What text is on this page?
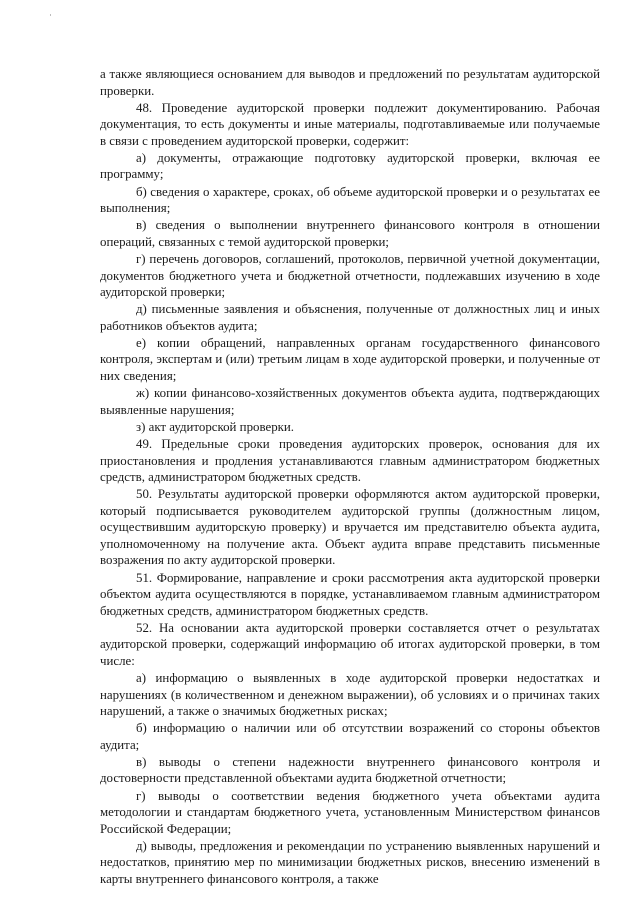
а также являющиеся основанием для выводов и предложений по результатам аудиторской проверки.

48. Проведение аудиторской проверки подлежит документированию. Рабочая документация, то есть документы и иные материалы, подготавливаемые или получаемые в связи с проведением аудиторской проверки, содержит:

а) документы, отражающие подготовку аудиторской проверки, включая ее программу;

б) сведения о характере, сроках, об объеме аудиторской проверки и о результатах ее выполнения;

в) сведения о выполнении внутреннего финансового контроля в отношении операций, связанных с темой аудиторской проверки;

г) перечень договоров, соглашений, протоколов, первичной учетной документации, документов бюджетного учета и бюджетной отчетности, подлежавших изучению в ходе аудиторской проверки;

д) письменные заявления и объяснения, полученные от должностных лиц и иных работников объектов аудита;

е) копии обращений, направленных органам государственного финансового контроля, экспертам и (или) третьим лицам в ходе аудиторской проверки, и полученные от них сведения;

ж) копии финансово-хозяйственных документов объекта аудита, подтверждающих выявленные нарушения;

з) акт аудиторской проверки.

49. Предельные сроки проведения аудиторских проверок, основания для их приостановления и продления устанавливаются главным администратором бюджетных средств, администратором бюджетных средств.

50. Результаты аудиторской проверки оформляются актом аудиторской проверки, который подписывается руководителем аудиторской группы (должностным лицом, осуществившим аудиторскую проверку) и вручается им представителю объекта аудита, уполномоченному на получение акта. Объект аудита вправе представить письменные возражения по акту аудиторской проверки.

51. Формирование, направление и сроки рассмотрения акта аудиторской проверки объектом аудита осуществляются в порядке, устанавливаемом главным администратором бюджетных средств, администратором бюджетных средств.

52. На основании акта аудиторской проверки составляется отчет о результатах аудиторской проверки, содержащий информацию об итогах аудиторской проверки, в том числе:

а) информацию о выявленных в ходе аудиторской проверки недостатках и нарушениях (в количественном и денежном выражении), об условиях и о причинах таких нарушений, а также о значимых бюджетных рисках;

б) информацию о наличии или об отсутствии возражений со стороны объектов аудита;

в) выводы о степени надежности внутреннего финансового контроля и достоверности представленной объектами аудита бюджетной отчетности;

г) выводы о соответствии ведения бюджетного учета объектами аудита методологии и стандартам бюджетного учета, установленным Министерством финансов Российской Федерации;

д) выводы, предложения и рекомендации по устранению выявленных нарушений и недостатков, принятию мер по минимизации бюджетных рисков, внесению изменений в карты внутреннего финансового контроля, а также
